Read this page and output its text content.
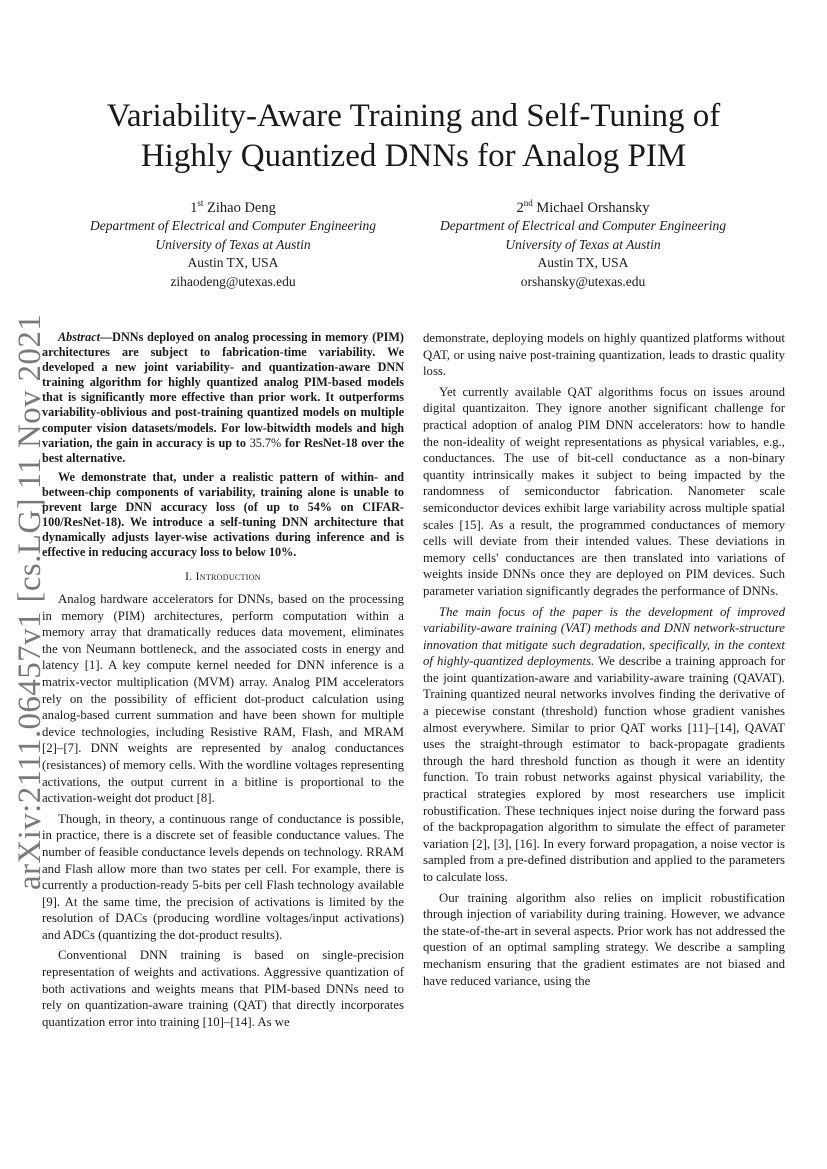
arXiv:2111.06457v1 [cs.LG] 11 Nov 2021
Variability-Aware Training and Self-Tuning of
Highly Quantized DNNs for Analog PIM
1st Zihao Deng
Department of Electrical and Computer Engineering
University of Texas at Austin
Austin TX, USA
zihaodeng@utexas.edu
2nd Michael Orshansky
Department of Electrical and Computer Engineering
University of Texas at Austin
Austin TX, USA
orshansky@utexas.edu

Abstract—DNNs deployed on analog processing in memory (PIM) architectures are subject to fabrication-time variability. We developed a new joint variability- and quantization-aware DNN training algorithm for highly quantized analog PIM-based models that is significantly more effective than prior work. It outperforms variability-oblivious and post-training quantized models on multiple computer vision datasets/models. For low-bitwidth models and high variation, the gain in accuracy is up to 35.7% for ResNet-18 over the best alternative.

We demonstrate that, under a realistic pattern of within- and between-chip components of variability, training alone is unable to prevent large DNN accuracy loss (of up to 54% on CIFAR-100/ResNet-18). We introduce a self-tuning DNN architecture that dynamically adjusts layer-wise activations during inference and is effective in reducing accuracy loss to below 10%.

I. Introduction

Analog hardware accelerators for DNNs, based on the processing in memory (PIM) architectures, perform computation within a memory array that dramatically reduces data movement, eliminates the von Neumann bottleneck, and the associated costs in energy and latency [1]. A key compute kernel needed for DNN inference is a matrix-vector multiplication (MVM) array. Analog PIM accelerators rely on the possibility of efficient dot-product calculation using analog-based current summation and have been shown for multiple device technologies, including Resistive RAM, Flash, and MRAM [2]–[7]. DNN weights are represented by analog conductances (resistances) of memory cells. With the wordline voltages representing activations, the output current in a bitline is proportional to the activation-weight dot product [8].

Though, in theory, a continuous range of conductance is possible, in practice, there is a discrete set of feasible conductance values. The number of feasible conductance levels depends on technology. RRAM and Flash allow more than two states per cell. For example, there is currently a production-ready 5-bits per cell Flash technology available [9]. At the same time, the precision of activations is limited by the resolution of DACs (producing wordline voltages/input activations) and ADCs (quantizing the dot-product results).

Conventional DNN training is based on single-precision representation of weights and activations. Aggressive quantization of both activations and weights means that PIM-based DNNs need to rely on quantization-aware training (QAT) that directly incorporates quantization error into training [10]–[14]. As we

demonstrate, deploying models on highly quantized platforms without QAT, or using naive post-training quantization, leads to drastic quality loss.

Yet currently available QAT algorithms focus on issues around digital quantizaiton. They ignore another significant challenge for practical adoption of analog PIM DNN accelerators: how to handle the non-ideality of weight representations as physical variables, e.g., conductances. The use of bit-cell conductance as a non-binary quantity intrinsically makes it subject to being impacted by the randomness of semiconductor fabrication. Nanometer scale semiconductor devices exhibit large variability across multiple spatial scales [15]. As a result, the programmed conductances of memory cells will deviate from their intended values. These deviations in memory cells' conductances are then translated into variations of weights inside DNNs once they are deployed on PIM devices. Such parameter variation significantly degrades the performance of DNNs.

The main focus of the paper is the development of improved variability-aware training (VAT) methods and DNN network-structure innovation that mitigate such degradation, specifically, in the context of highly-quantized deployments. We describe a training approach for the joint quantization-aware and variability-aware training (QAVAT). Training quantized neural networks involves finding the derivative of a piecewise constant (threshold) function whose gradient vanishes almost everywhere. Similar to prior QAT works [11]–[14], QAVAT uses the straight-through estimator to back-propagate gradients through the hard threshold function as though it were an identity function. To train robust networks against physical variability, the practical strategies explored by most researchers use implicit robustification. These techniques inject noise during the forward pass of the backpropagation algorithm to simulate the effect of parameter variation [2], [3], [16]. In every forward propagation, a noise vector is sampled from a pre-defined distribution and applied to the parameters to calculate loss.

Our training algorithm also relies on implicit robustification through injection of variability during training. However, we advance the state-of-the-art in several aspects. Prior work has not addressed the question of an optimal sampling strategy. We describe a sampling mechanism ensuring that the gradient estimates are not biased and have reduced variance, using the
